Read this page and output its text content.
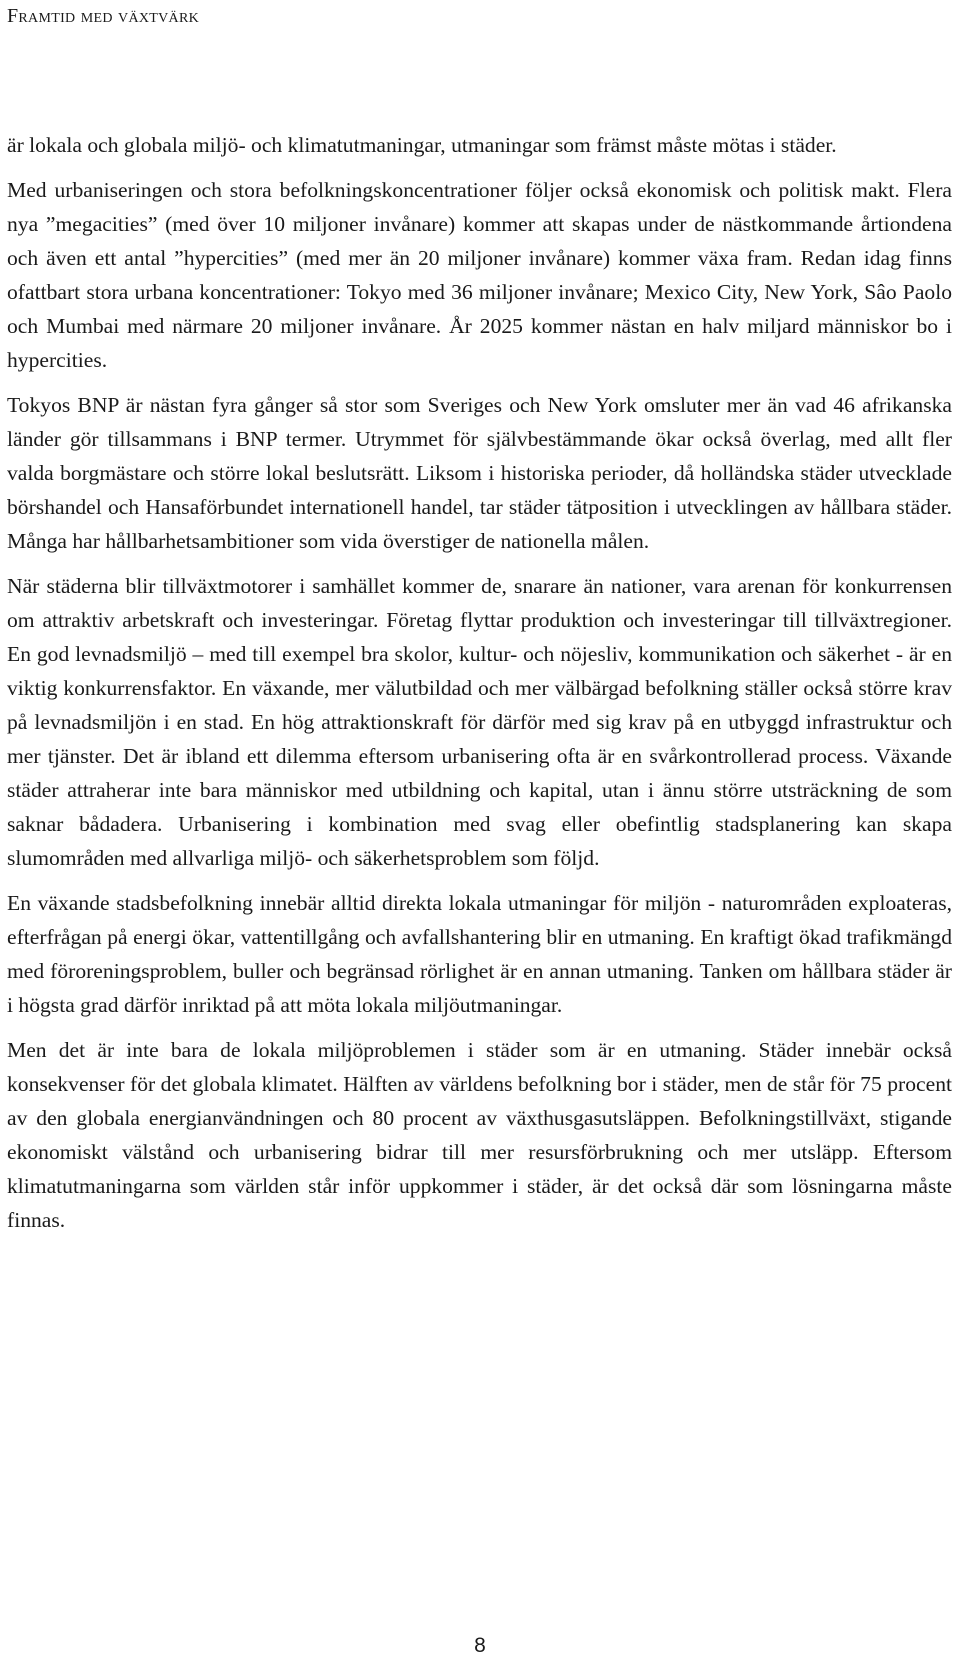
Framtid med växtvärk

är lokala och globala miljö- och klimatutmaningar, utmaningar som främst måste mötas i städer.

Med urbaniseringen och stora befolkningskoncentrationer följer också ekonomisk och politisk makt. Flera nya ”megacities” (med över 10 miljoner invånare) kommer att skapas under de nästkommande årtiondena och även ett antal ”hypercities” (med mer än 20 miljoner invånare) kommer växa fram. Redan idag finns ofattbart stora urbana koncentrationer: Tokyo med 36 miljoner invånare; Mexico City, New York, Sâo Paolo och Mumbai med närmare 20 miljoner invånare. År 2025 kommer nästan en halv miljard människor bo i hypercities.

Tokyos BNP är nästan fyra gånger så stor som Sveriges och New York omsluter mer än vad 46 afrikanska länder gör tillsammans i BNP termer. Utrymmet för självbestämmande ökar också överlag, med allt fler valda borgmästare och större lokal beslutsrätt. Liksom i historiska perioder, då holländska städer utvecklade börshandel och Hansaförbundet internationell handel, tar städer tätposition i utvecklingen av hållbara städer. Många har hållbarhetsambitioner som vida överstiger de nationella målen.

När städerna blir tillväxtmotorer i samhället kommer de, snarare än nationer, vara arenan för konkurrensen om attraktiv arbetskraft och investeringar. Företag flyttar produktion och investeringar till tillväxtregioner. En god levnadsmiljö – med till exempel bra skolor, kultur- och nöjesliv, kommunikation och säkerhet - är en viktig konkurrensfaktor. En växande, mer välutbildad och mer välbärgad befolkning ställer också större krav på levnadsmiljön i en stad. En hög attraktionskraft för därför med sig krav på en utbyggd infrastruktur och mer tjänster. Det är ibland ett dilemma eftersom urbanisering ofta är en svårkontrollerad process. Växande städer attraherar inte bara människor med utbildning och kapital, utan i ännu större utsträckning de som saknar bådadera. Urbanisering i kombination med svag eller obefintlig stadsplanering kan skapa slumområden med allvarliga miljö- och säkerhetsproblem som följd.

En växande stadsbefolkning innebär alltid direkta lokala utmaningar för miljön - naturområden exploateras, efterfrågan på energi ökar, vattentillgång och avfallshantering blir en utmaning. En kraftigt ökad trafikmängd med föroreningsproblem, buller och begränsad rörlighet är en annan utmaning. Tanken om hållbara städer är i högsta grad därför inriktad på att möta lokala miljöutmaningar.

Men det är inte bara de lokala miljöproblemen i städer som är en utmaning. Städer innebär också konsekvenser för det globala klimatet. Hälften av världens befolkning bor i städer, men de står för 75 procent av den globala energianvändningen och 80 procent av växthusgasutsläppen. Befolkningstillväxt, stigande ekonomiskt välstånd och urbanisering bidrar till mer resursförbrukning och mer utsläpp. Eftersom klimatutmaningarna som världen står inför uppkommer i städer, är det också där som lösningarna måste finnas.

8
